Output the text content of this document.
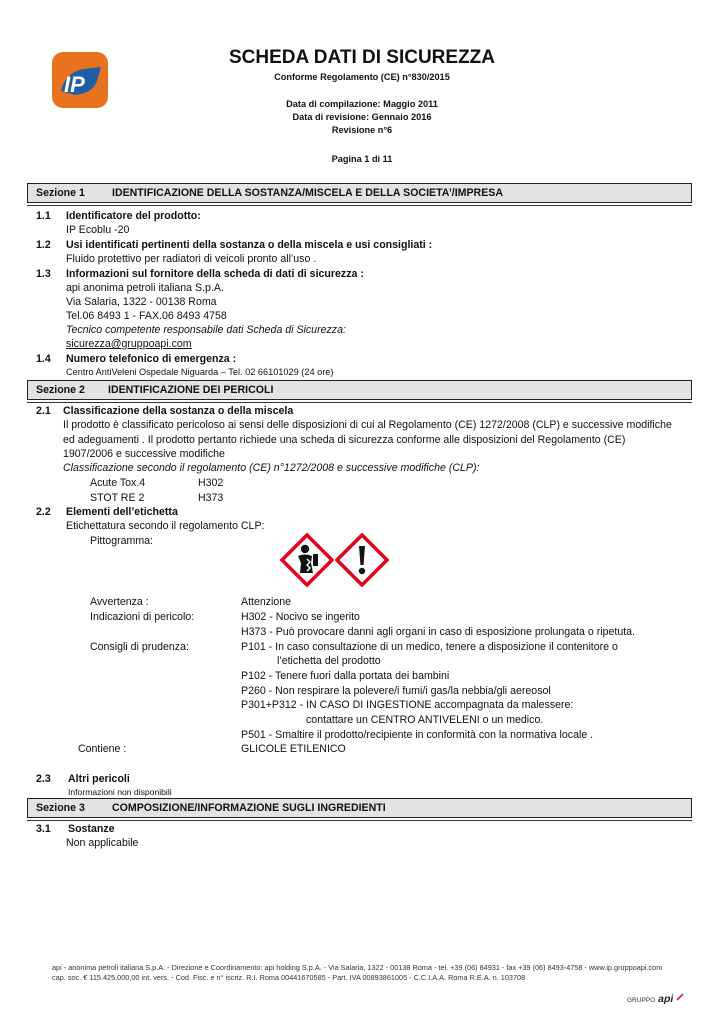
IP
SCHEDA DATI DI SICUREZZA
Conforme Regolamento (CE) n°830/2015
Data di compilazione: Maggio 2011
Data di revisione: Gennaio 2016
Revisione n°6
Pagina 1 di 11
Sezione 1	IDENTIFICAZIONE DELLA SOSTANZA/MISCELA E DELLA SOCIETA’/IMPRESA
1.1 Identificatore del prodotto:
IP Ecoblu -20
1.2 Usi identificati pertinenti della sostanza o della miscela e usi consigliati :
Fluido protettivo per radiatori di veicoli pronto all’uso .
1.3 Informazioni sul fornitore della scheda di dati di sicurezza :
api anonima petroli italiana S.p.A.
Via Salaria, 1322 - 00138 Roma
Tel.06 8493 1 - FAX.06 8493 4758
Tecnico competente responsabile dati Scheda di Sicurezza:
sicurezza@gruppoapi.com
1.4 Numero telefonico di emergenza :
Centro AntiVeleni Ospedale Niguarda – Tel. 02 66101029 (24 ore)
Sezione 2 IDENTIFICAZIONE DEI PERICOLI
2.1 Classificazione della sostanza o della miscela
Il prodotto è classificato pericoloso ai sensi delle disposizioni di cui al Regolamento (CE) 1272/2008 (CLP) e successive modifiche
ed adeguamenti . Il prodotto pertanto richiede una scheda di sicurezza conforme alle disposizioni del Regolamento (CE)
1907/2006 e successive modifiche
Classificazione secondo il regolamento (CE) n°1272/2008 e successive modifiche (CLP):
Acute Tox.4	H302
STOT RE 2	H373
2.2 Elementi dell’etichetta
Etichettatura secondo il regolamento CLP:
Pittogramma:
Avvertenza :	Attenzione
Indicazioni di pericolo:	H302 - Nocivo se ingerito
H373 - Può provocare danni agli organi in caso di esposizione prolungata o ripetuta.
Consigli di prudenza:	P101 - In caso consultazione di un medico, tenere a disposizione il contenitore o
l’etichetta del prodotto
P102 - Tenere fuori dalla portata dei bambini
P260 - Non respirare la polevere/i fumi/i gas/la nebbia/gli aereosol
P301+P312 - IN CASO DI INGESTIONE accompagnata da malessere:
contattare un CENTRO ANTIVELENI o un medico.
P501 - Smaltire il prodotto/recipiente in conformità con la normativa locale .
Contiene :	GLICOLE ETILENICO
2.3 Altri pericoli
Informazioni non disponibili
Sezione 3	COMPOSIZIONE/INFORMAZIONE SUGLI INGREDIENTI
3.1 Sostanze
Non applicabile
api - anonima petroli italiana S.p.A. - Direzione e Coordinamento: api holding S.p.A. - Via Salaria, 1322 - 00138 Roma - tel. +39 (06) 84931 - fax +39 (06) 8493-4758 - www.ip.gruppoapi.com
cap. soc. € 115.425.000,00 int. vers. - Cod. Fisc. e n° iscriz. R.I. Roma 00441670585 - Part. IVA 00893861005 - C.C.I.A.A. Roma R.E.A. n. 103708
GRUPPO api
